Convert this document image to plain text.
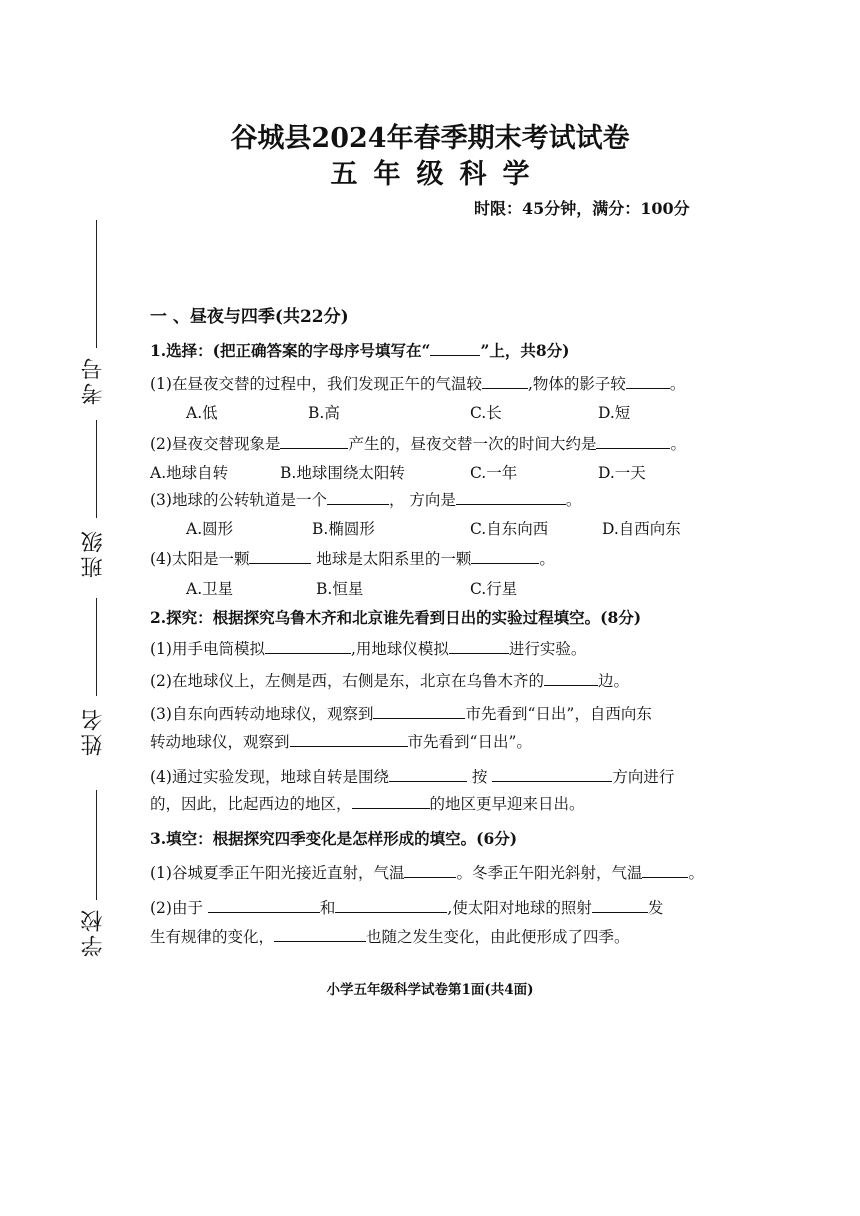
谷城县2024年春季期末考试试卷
五年级科学
时限：45分钟，满分：100分
考号
班级
姓名
学校
一 、昼夜与四季(共22分)
1.选择：(把正确答案的字母序号填写在“	”上，共8分)
(1)在昼夜交替的过程中，我们发现正午的气温较	,物体的影子较	。
A.低	B.高	C.长	D.短
(2)昼夜交替现象是	产生的，昼夜交替一次的时间大约是	。
A.地球自转	B.地球围绕太阳转	C.一年	D.一天
(3)地球的公转轨道是一个	， 方向是	。
A.圆形	B.椭圆形	C.自东向西	D.自西向东
(4)太阳是一颗	地球是太阳系里的一颗	。
A.卫星	B.恒星	C.行星
2.探究：根据探究乌鲁木齐和北京谁先看到日出的实验过程填空。(8分)
(1)用手电筒模拟	,用地球仪模拟	进行实验。
(2)在地球仪上，左侧是西，右侧是东，北京在乌鲁木齐的	边。
(3)自东向西转动地球仪，观察到	市先看到“日出”，自西向东
转动地球仪，观察到	市先看到“日出”。
(4)通过实验发现，地球自转是围绕	按	方向进行
的，因此，比起西边的地区，	的地区更早迎来日出。
3.填空：根据探究四季变化是怎样形成的填空。(6分)
(1)谷城夏季正午阳光接近直射，气温	。冬季正午阳光斜射，气温	。
(2)由于	和	,使太阳对地球的照射	发
生有规律的变化，	也随之发生变化，由此便形成了四季。
小学五年级科学试卷第1面(共4面)
